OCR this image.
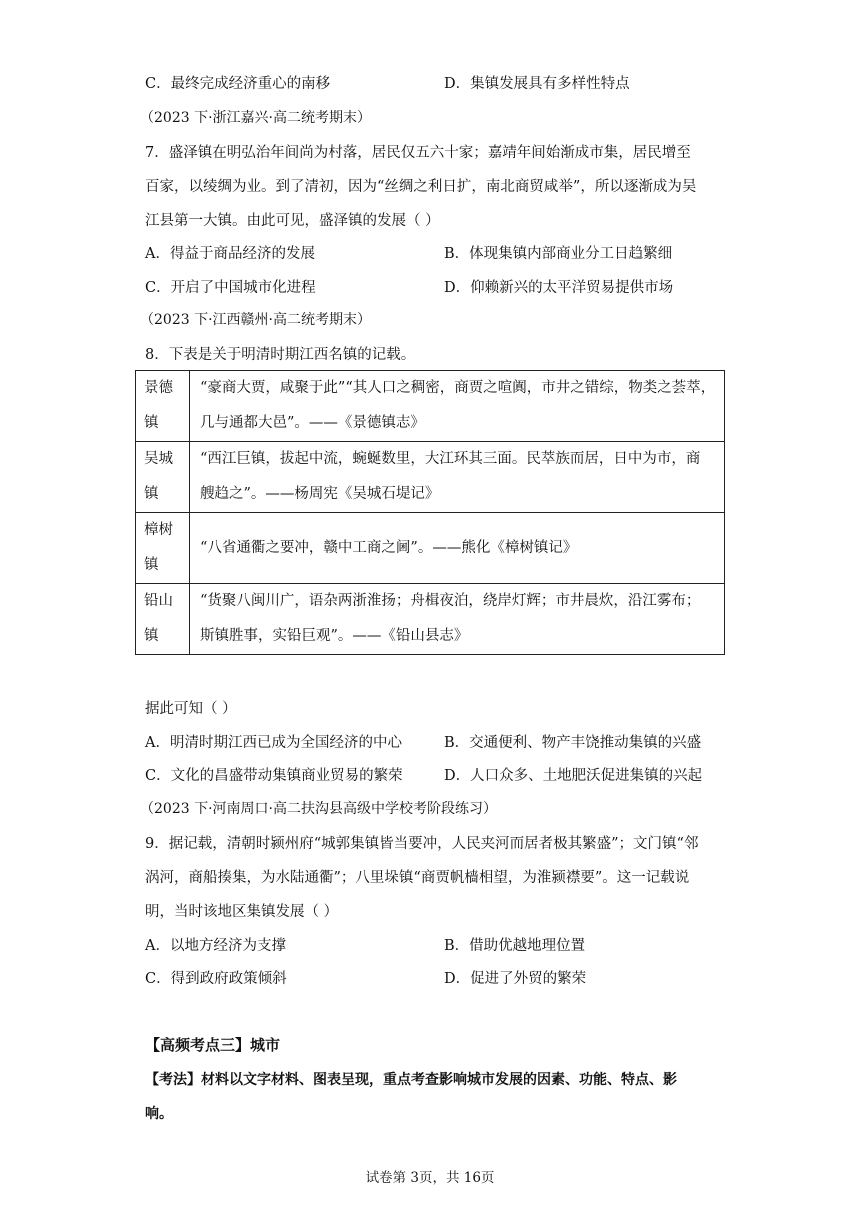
C．最终完成经济重心的南移	D．集镇发展具有多样性特点
（2023 下·浙江嘉兴·高二统考期末）
7．盛泽镇在明弘治年间尚为村落，居民仅五六十家；嘉靖年间始渐成市集，居民增至
百家，以绫绸为业。到了清初，因为“丝绸之利日扩，南北商贸咸举”，所以逐渐成为吴
江县第一大镇。由此可见，盛泽镇的发展（ ）
A．得益于商品经济的发展	B．体现集镇内部商业分工日趋繁细
C．开启了中国城市化进程	D．仰赖新兴的太平洋贸易提供市场
（2023 下·江西赣州·高二统考期末）
8．下表是关于明清时期江西名镇的记载。
景德
镇	“豪商大贾，咸聚于此”“其人口之稠密，商贾之喧阗，市井之错综，物类之荟萃，
几与通都大邑”。——《景德镇志》
吴城
镇	“西江巨镇，拔起中流，蜿蜒数里，大江环其三面。民萃族而居，日中为市，商
艘趋之”。——杨周宪《吴城石堤记》
樟树
镇	“八省通衢之要冲，赣中工商之阃”。——熊化《樟树镇记》
铅山
镇	“货聚八闽川广，语杂两浙淮扬；舟楫夜泊，绕岸灯辉；市井晨炊，沿江雾布；
斯镇胜事，实铅巨观”。——《铅山县志》
据此可知（ ）
A．明清时期江西已成为全国经济的中心	B．交通便利、物产丰饶推动集镇的兴盛
C．文化的昌盛带动集镇商业贸易的繁荣	D．人口众多、土地肥沃促进集镇的兴起
（2023 下·河南周口·高二扶沟县高级中学校考阶段练习）
9．据记载，清朝时颍州府“城郭集镇皆当要冲，人民夹河而居者极其繁盛”；文门镇“邻
涡河，商船揍集，为水陆通衢”；八里垛镇“商贾帆樯相望，为淮颍襟要”。这一记载说
明，当时该地区集镇发展（ ）
A．以地方经济为支撑	B．借助优越地理位置
C．得到政府政策倾斜	D．促进了外贸的繁荣
【高频考点三】城市
【考法】材料以文字材料、图表呈现，重点考查影响城市发展的因素、功能、特点、影
响。
试卷第 3页，共 16页
